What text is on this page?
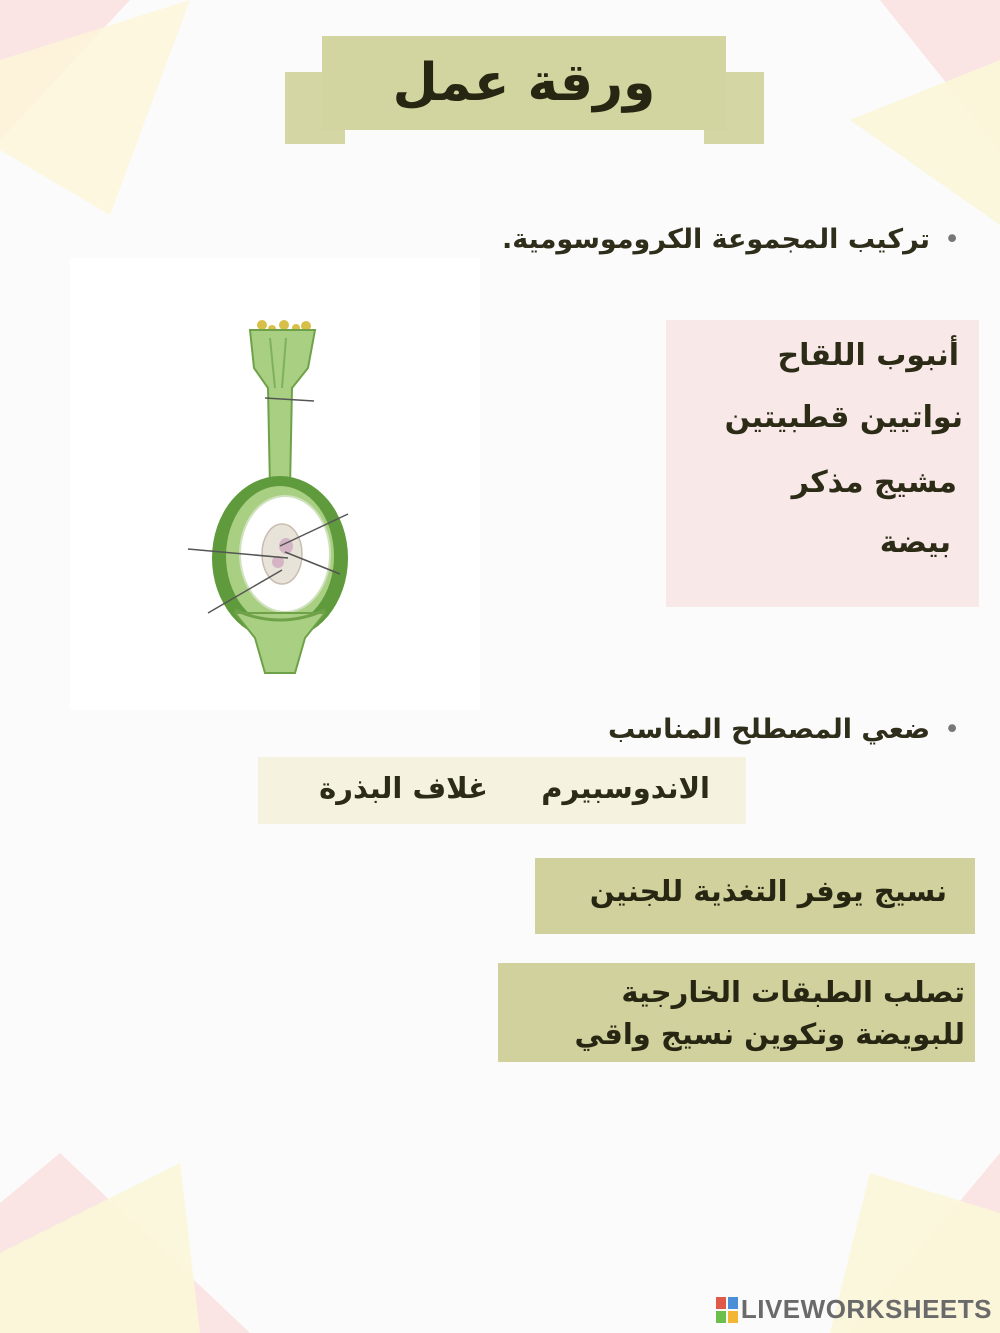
ورقة عمل
•تركيب المجموعة الكروموسومية.
أنبوب اللقاح
نواتيين قطبيتين
مشيج مذكر
بيضة
•ضعي المصطلح المناسب
الاندوسبيرم
غلاف البذرة
نسيج يوفر التغذية للجنين
تصلب الطبقات الخارجية للبويضة وتكوين نسيج واقي
LIVEWORKSHEETS
